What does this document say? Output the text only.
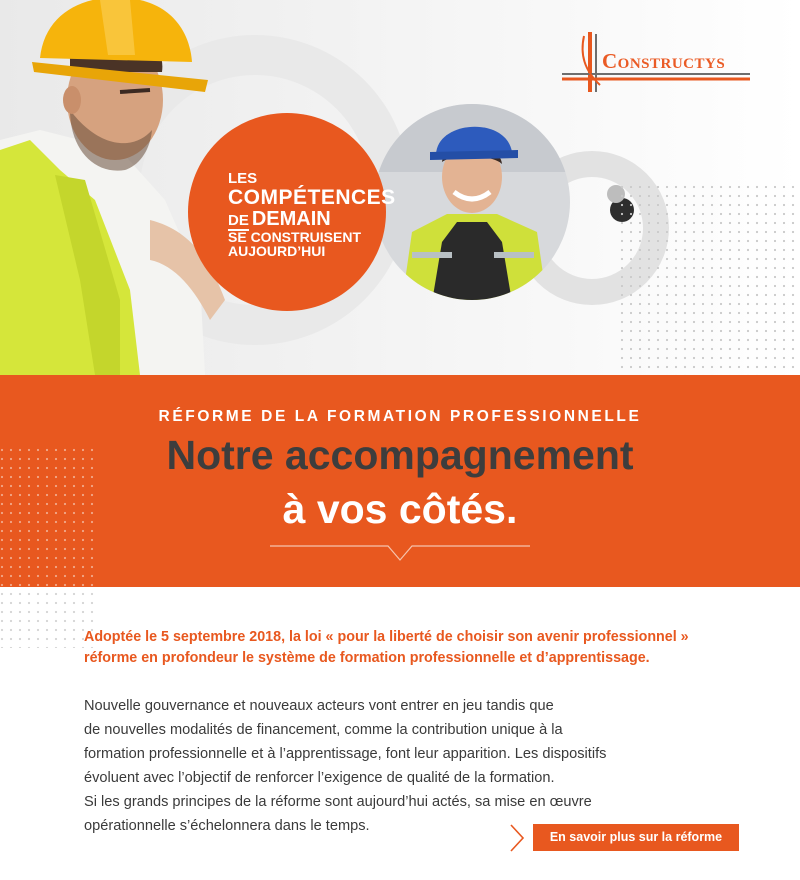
LES
COMPÉTENCES
DE DEMAIN
SE CONSTRUISENT
AUJOURD’HUI
Constructys
RÉFORME DE LA FORMATION PROFESSIONNELLE
Notre accompagnement
à vos côtés.
Adoptée le 5 septembre 2018, la loi « pour la liberté de choisir son avenir professionnel » réforme en profondeur le système de formation professionnelle et d’apprentissage.
Nouvelle gouvernance et nouveaux acteurs vont entrer en jeu tandis que
de nouvelles modalités de financement, comme la contribution unique à la
formation professionnelle et à l’apprentissage, font leur apparition. Les dispositifs
évoluent avec l’objectif de renforcer l’exigence de qualité de la formation.
Si les grands principes de la réforme sont aujourd’hui actés, sa mise en œuvre
opérationnelle s’échelonnera dans le temps.
En savoir plus sur la réforme
